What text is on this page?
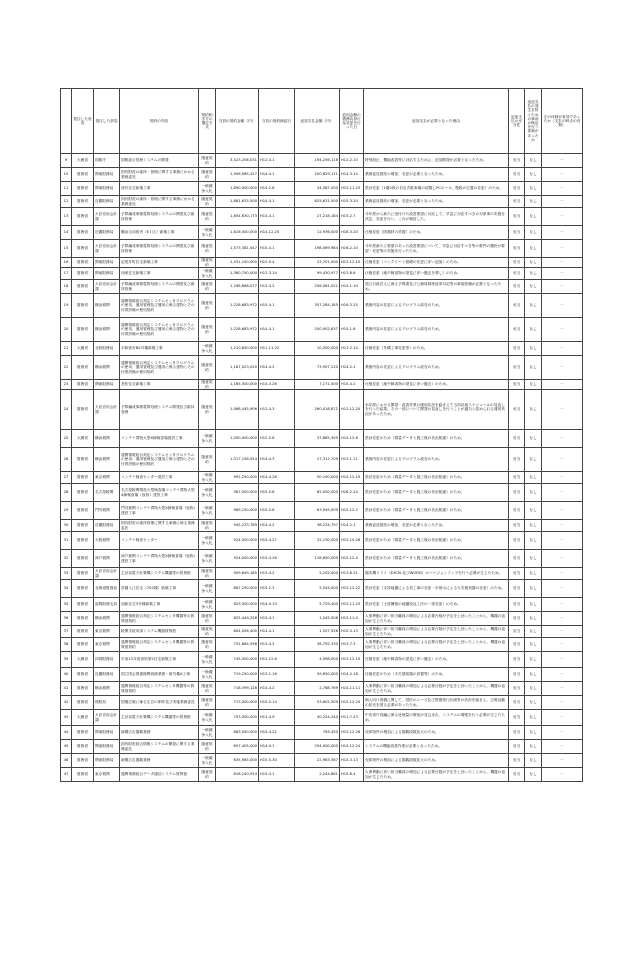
	発注した府省	発注した部局	契約の内容	契約相手方の選定方式	当初の契約金額（円）	当初の契約締結日	追加支払金額（円）	追加金額の債務負担行為変更を行った日	追加支払が必要となった理由	追加支払の妥当性	追加支払の発生を防ぐための事前の検証を行う体制があったか	左の体制が有効であったか（支払の時点の有無）
9	大蔵省	国税庁	国税総合管理システムの開発	随意契約	3,423,206,031	H12.4.1	194,256,118	H12.2.10	特別改正、機能改善等に対応するために、追加開発が必要となったため。	妥当	なし	－
10	財務省	関東財務局	国有財産の維持・管理に関する事務にかかる業務委託	随意契約	1,906,965,427	H14.4.1	200,829,111	H14.3.14	業務委託財産の増加、変更が必要となったため。	妥当	なし	－
11	財務省	関東財務局	深川住宅新築工事	一般競争入札	1,890,000,000	H14.2.6	34,587,000	H15.11.25	設計変更（1層2段の自走式駐車場の屋階しPCホール、階段の位置の変更）のため。	妥当	なし	－
12	財務省	近畿財務局	国有財産の維持・管理に関する事務にかかる業務委託	随意契約	1,881,625,500	H14.4.1	825,831,500	H15.3.20	業務委託財産の増加、変更が必要となったため。	妥当	なし	－
13	財務省	大臣官房会計課	予算編成事務電算処理システムの開発及び維持管理	随意契約	1,854,630,173	H14.4.1	27,218,184	H15.2.7	今年度から新たに受付けた改善要望に対応して、早急に対応すべきの対象事の実施を決定、変更を行い、これが検討した。	妥当	なし	－
14	財務省	近畿財務局	鶴浜合同宿舎（ⅡＩ区）新築工事	一般競争入札	1,816,500,000	H14.12.25	12,936,000	H16.3.20	仕様変更（防錆材の設置）のため。	妥当	なし	－
15	財務省	大臣官房会計課	予算編成事務電算処理システムの開発及び維持管理	随意契約	1,573,381,047	H15.4.1	198,069,984	H16.2.10	今年度新たに要望のあった改善要望について、早急に対応すべき等の要件の選択が要望・変更等の実施を行ったため。	妥当	なし	－
16	財務省	関東財務局	記尾井町住宅新築工事	随意契約	1,431,150,000	H12.9.4	22,701,000	H13.12.10	仕様変更（コンクリート基礎の変更に伴い追加）のため。	妥当	なし	－
17	財務省	関東財務局	西巣住宅新築工事	一般競争入札	1,380,750,000	H12.3.14	99,430,977	H13.8.6	仕様変更（地中障害物の発見に伴い撤去を要し）のため。	妥当	なし	－
18	財務省	大臣官房会計課	予算編成事務電算処理システムの開発及び維持管理	随意契約	1,298,668,077	H13.4.2	256,061,022	H14.1.10	独立行政法人に係る予算書及び公務員制度改革対応等の新規依頼が必要となったため。	妥当	なし	－
19	財務省	横浜税関	通関情報総合判定システムセンタプログラムの使用、運用管理及び運用に係る建物とその付帯設備の使用契約	随意契約	1,228,683,972	H15.4.1	357,284,185	H16.3.25	業務内容の変更によるプログラム改変のため。	妥当	なし	－
20	財務省	横浜税関	通関情報総合判定システムセンタプログラムの使用、運用管理及び運用に係る建物とその付帯設備の使用契約	随意契約	1,228,683,972	H14.4.1	200,902,837	H15.1.6	業務内容の変更によるプログラム改変のため。	妥当	なし	－
21	大蔵省	北陸財務局	平和宿舎B2号棟新築工事	一般競争入札	1,210,650,000	H11.11.22	10,500,000	H13.2.14	仕様変更（外構工事変更等）のため。	妥当	なし	－
22	財務省	横浜税関	通関情報総合判定システムセンタプログラムの使用、運用管理及び運用に係る建物とその付帯設備の使用契約	随意契約	1,187,023,020	H14.4.2	73,907,220	H14.2.1	業務内容の変更によるプログラム改変のため。	妥当	なし	－
23	財務省	関東財務局	老松住宅新築工事	随意契約	1,165,500,000	H14.3.26	7,171,500	H15.4.1	仕様変更（地中障害物の発見に伴い撤去）のため。	妥当	なし	－
24	財務省	大臣官房会計課	予算編成事務電算処理システム開発及び維持管理	随意契約	1,068,445,906	H12.4.3	260,018,872	H12.12.20	本年度における開発・改善作業の運用状況を踏まえて当初計画スケジュールの見直しを行った結果、その一部について開発の見直しを行うことが適当と認められる運用状況があったため。	妥当	なし	－
25	大蔵省	横浜税関	コンテナ貨物大型X線検査場建設工事	一般競争入札	1,050,000,000	H12.5.8	37,865,395	H14.12.6	設計変更のため（測量データと施工後の状況相違）のため。	妥当	なし	－
26	財務省	横浜税関	通関情報総合判定システムセンタプログラムの使用、運用管理及び運用に係る建物とその付帯設備の使用契約	随意契約	1,017,156,924	H14.4.3	27,312,709	H13.1.11	業務内容の変更によるプログラム改変のため。	妥当	なし	－
27	財務省	東京税関	コンテナ検査センター建設工事	一般競争入札	992,250,000	H14.4.26	50,190,000	H14.12.19	設計変更のため（測量データと施工後の状況相違）のため。	妥当	なし	－
28	財務省	名古屋税関	名古屋税関飛島大型検査場コンテナ貨物大型X線検査場（仮称）建設工事	一般競争入札	987,000,000	H15.5.6	85,050,000	H16.2.24	設計変更のため（測量データと施工後の状況相違）のため。	妥当	なし	－
29	財務省	門司税関	門司税関コンテナ貨物大型X線検査場（仮称）建設工事	一般競争入札	969,150,000	H15.5.6	63,945,000	H15.12.2	設計変更のため（測量データと施工後の状況相違）のため。	妥当	なし	－
30	財務省	近畿財務局	国有財産の維持管理に関する事務に係る業務委託	随意契約	945,233,789	H14.4.2	38,234,797	H14.2.1	業務委託財産の増加、変更が必要となったため。	妥当	なし	－
31	財務省	大阪税関	コンテナ検査センター	一般競争入札	924,000,000	H15.4.27	32,130,000	H15.10.26	設計変更のため（測量データと施工後の状況相違）のため。	妥当	なし	－
32	財務省	神戸税関	神戸税関コンテナ貨物大型X線検査場（仮称）建設工事	一般競争入札	924,000,000	H15.4.26	118,650,000	H15.12.4	設計変更のため（測量データと施工後の状況相違）のため。	妥当	なし	－
33	財務省	大臣官房会計課	主計局電子計算機システム機器等の賃貸借	随意契約	909,649,185	H13.4.2	5,292,000	H13.8.31	端末機ソフト（EXCEL及びWORD）のバージョンアップを行う必要が生じたため。	妥当	なし	－
34	財務省	北海道財務局	宮園入江住宅（702棟）新築工事	一般競争入札	867,250,000	H15.2.3	5,544,000	H15.12.22	設計変更（支持地盤による杭工事の変更・市指示による火災報知器の変更）のため。	妥当	なし	－
35	財務省	福岡財務支局	西新住宅3号棟新築工事	一般競争入札	829,500,000	H14.9.13	5,729,400	H15.11.25	設計変更（土留擁壁の地盤改良工法の一部変更）のため。	妥当	なし	－
36	財務省	横浜税関	通関情報総合判定システムセンタ機器等の賃貸借契約	随意契約	825,449,256	H15.4.1	1,245,508	H15.11.4	人事異動に伴い担当職員の増加による必要台数が予定を上回ったことから、機器の追加が生じたため。	妥当	なし	－
37	財務省	東京税関	税関手続申請システム機器賃貸借	随意契約	804,056,400	H14.4.1	1,557,926	H15.3.13	人事異動に伴い担当職員の増加による必要台数が予定を上回ったことから、機器の追加が生じたため。	妥当	なし	－
38	財務省	東京税関	通関情報総合判定システムセンタ機器等の賃貸借契約	随意契約	751,864,596	H13.4.2	36,792,330	H13.7.3	人事異動に伴い担当職員の増加による必要台数が予定を上回ったことから、機器の追加が生じたため。	妥当	なし	－
39	大蔵省	四国財務局	平成12年度高松第2住宅新築工事	一般競争入札	745,500,000	H12.12.6	4,998,000	H13.12.10	仕様変更（地中障害物の発見に伴い撤去）のため。	妥当	なし	－
40	財務省	近畿財務局	国立国会図書館関西館業務・研究棟A工事	一般競争入札	719,250,000	H13.1.16	59,850,000	H14.2.18	仕様変更のため（火災感知器の設置等）のため。	妥当	なし	－
41	財務省	横浜税関	通関情報総合判定システムセンタ機器等の賃貸借契約	随意契約	718,399,128	H14.4.2	2,788,769	H14.11.11	人事異動に伴い担当職員の増加による必要台数が予定を上回ったことから、機器の追加が生じたため。	妥当	なし	－
42	財務省	理財局	国債広報に係る広告の制作及び実施業務委託	随意契約	713,000,000	H15.5.14	53,602,509	H15.12.20	個人向け国債に関して、国民のニーズ及び国債発行計画等の状況を踏まえ、広報活動の拡充を図る必要があったため。	妥当	なし	－
43	大蔵省	大臣官房会計課	主計局電子計算機システム機器等の賃貸借	一般競争入札	703,500,000	H11.4.9	40,224,240	H11.7.23	中央省庁再編に係る処理量の増加が見込まれ、システムの増強を行う必要が生じたため。	妥当	なし	－
44	財務省	関東財務局	新聞広告掲載業務	一般競争入札	683,550,000	H15.4.22	765,450	H15.12.26	売却物件の増加による掲載段数拡大のため。	妥当	なし	－
45	財務省	関東財務局	国有財産総合情報システムの開発に関する業務委託	随意契約	657,405,000	H14.9.1	294,000,000	H14.12.24	システムの機能改善作業が必要となったため。	妥当	なし	－
46	財務省	関東財務局	新聞広告掲載業務	一般競争入札	635,985,000	H15.5.30	22,963,367	H14.3.13	売却物件の増加による掲載段数拡大のため。	妥当	なし	－
47	財務省	東京税関	通関事務総合データ通信システム賃貸借	随意契約	618,240,924	H15.4.1	2,244,861	H15.6.4	人事異動に伴い担当職員の増加による必要台数が予定を上回ったことから、機器の追加が生じたため。	妥当	なし	－
